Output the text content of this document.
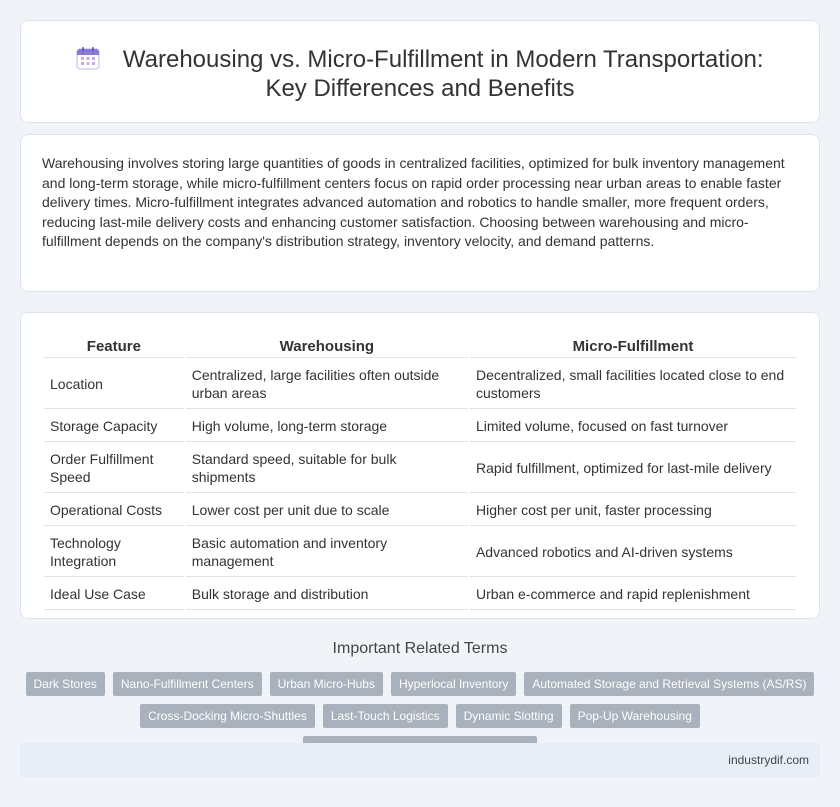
Warehousing vs. Micro-Fulfillment in Modern Transportation: Key Differences and Benefits

Warehousing involves storing large quantities of goods in centralized facilities, optimized for bulk inventory management and long-term storage, while micro-fulfillment centers focus on rapid order processing near urban areas to enable faster delivery times. Micro-fulfillment integrates advanced automation and robotics to handle smaller, more frequent orders, reducing last-mile delivery costs and enhancing customer satisfaction. Choosing between warehousing and micro-fulfillment depends on the company's distribution strategy, inventory velocity, and demand patterns.

Feature	Warehousing	Micro-Fulfillment
Location	Centralized, large facilities often outside urban areas	Decentralized, small facilities located close to end customers
Storage Capacity	High volume, long-term storage	Limited volume, focused on fast turnover
Order Fulfillment Speed	Standard speed, suitable for bulk shipments	Rapid fulfillment, optimized for last-mile delivery
Operational Costs	Lower cost per unit due to scale	Higher cost per unit, faster processing
Technology Integration	Basic automation and inventory management	Advanced robotics and AI-driven systems
Ideal Use Case	Bulk storage and distribution	Urban e-commerce and rapid replenishment
Important Related Terms
Dark Stores	Nano-Fulfillment Centers	Urban Micro-Hubs	Hyperlocal Inventory	Automated Storage and Retrieval Systems (AS/RS)
Cross-Docking Micro-Shuttles	Last-Touch Logistics	Dynamic Slotting	Pop-Up Warehousing
industrydif.com
